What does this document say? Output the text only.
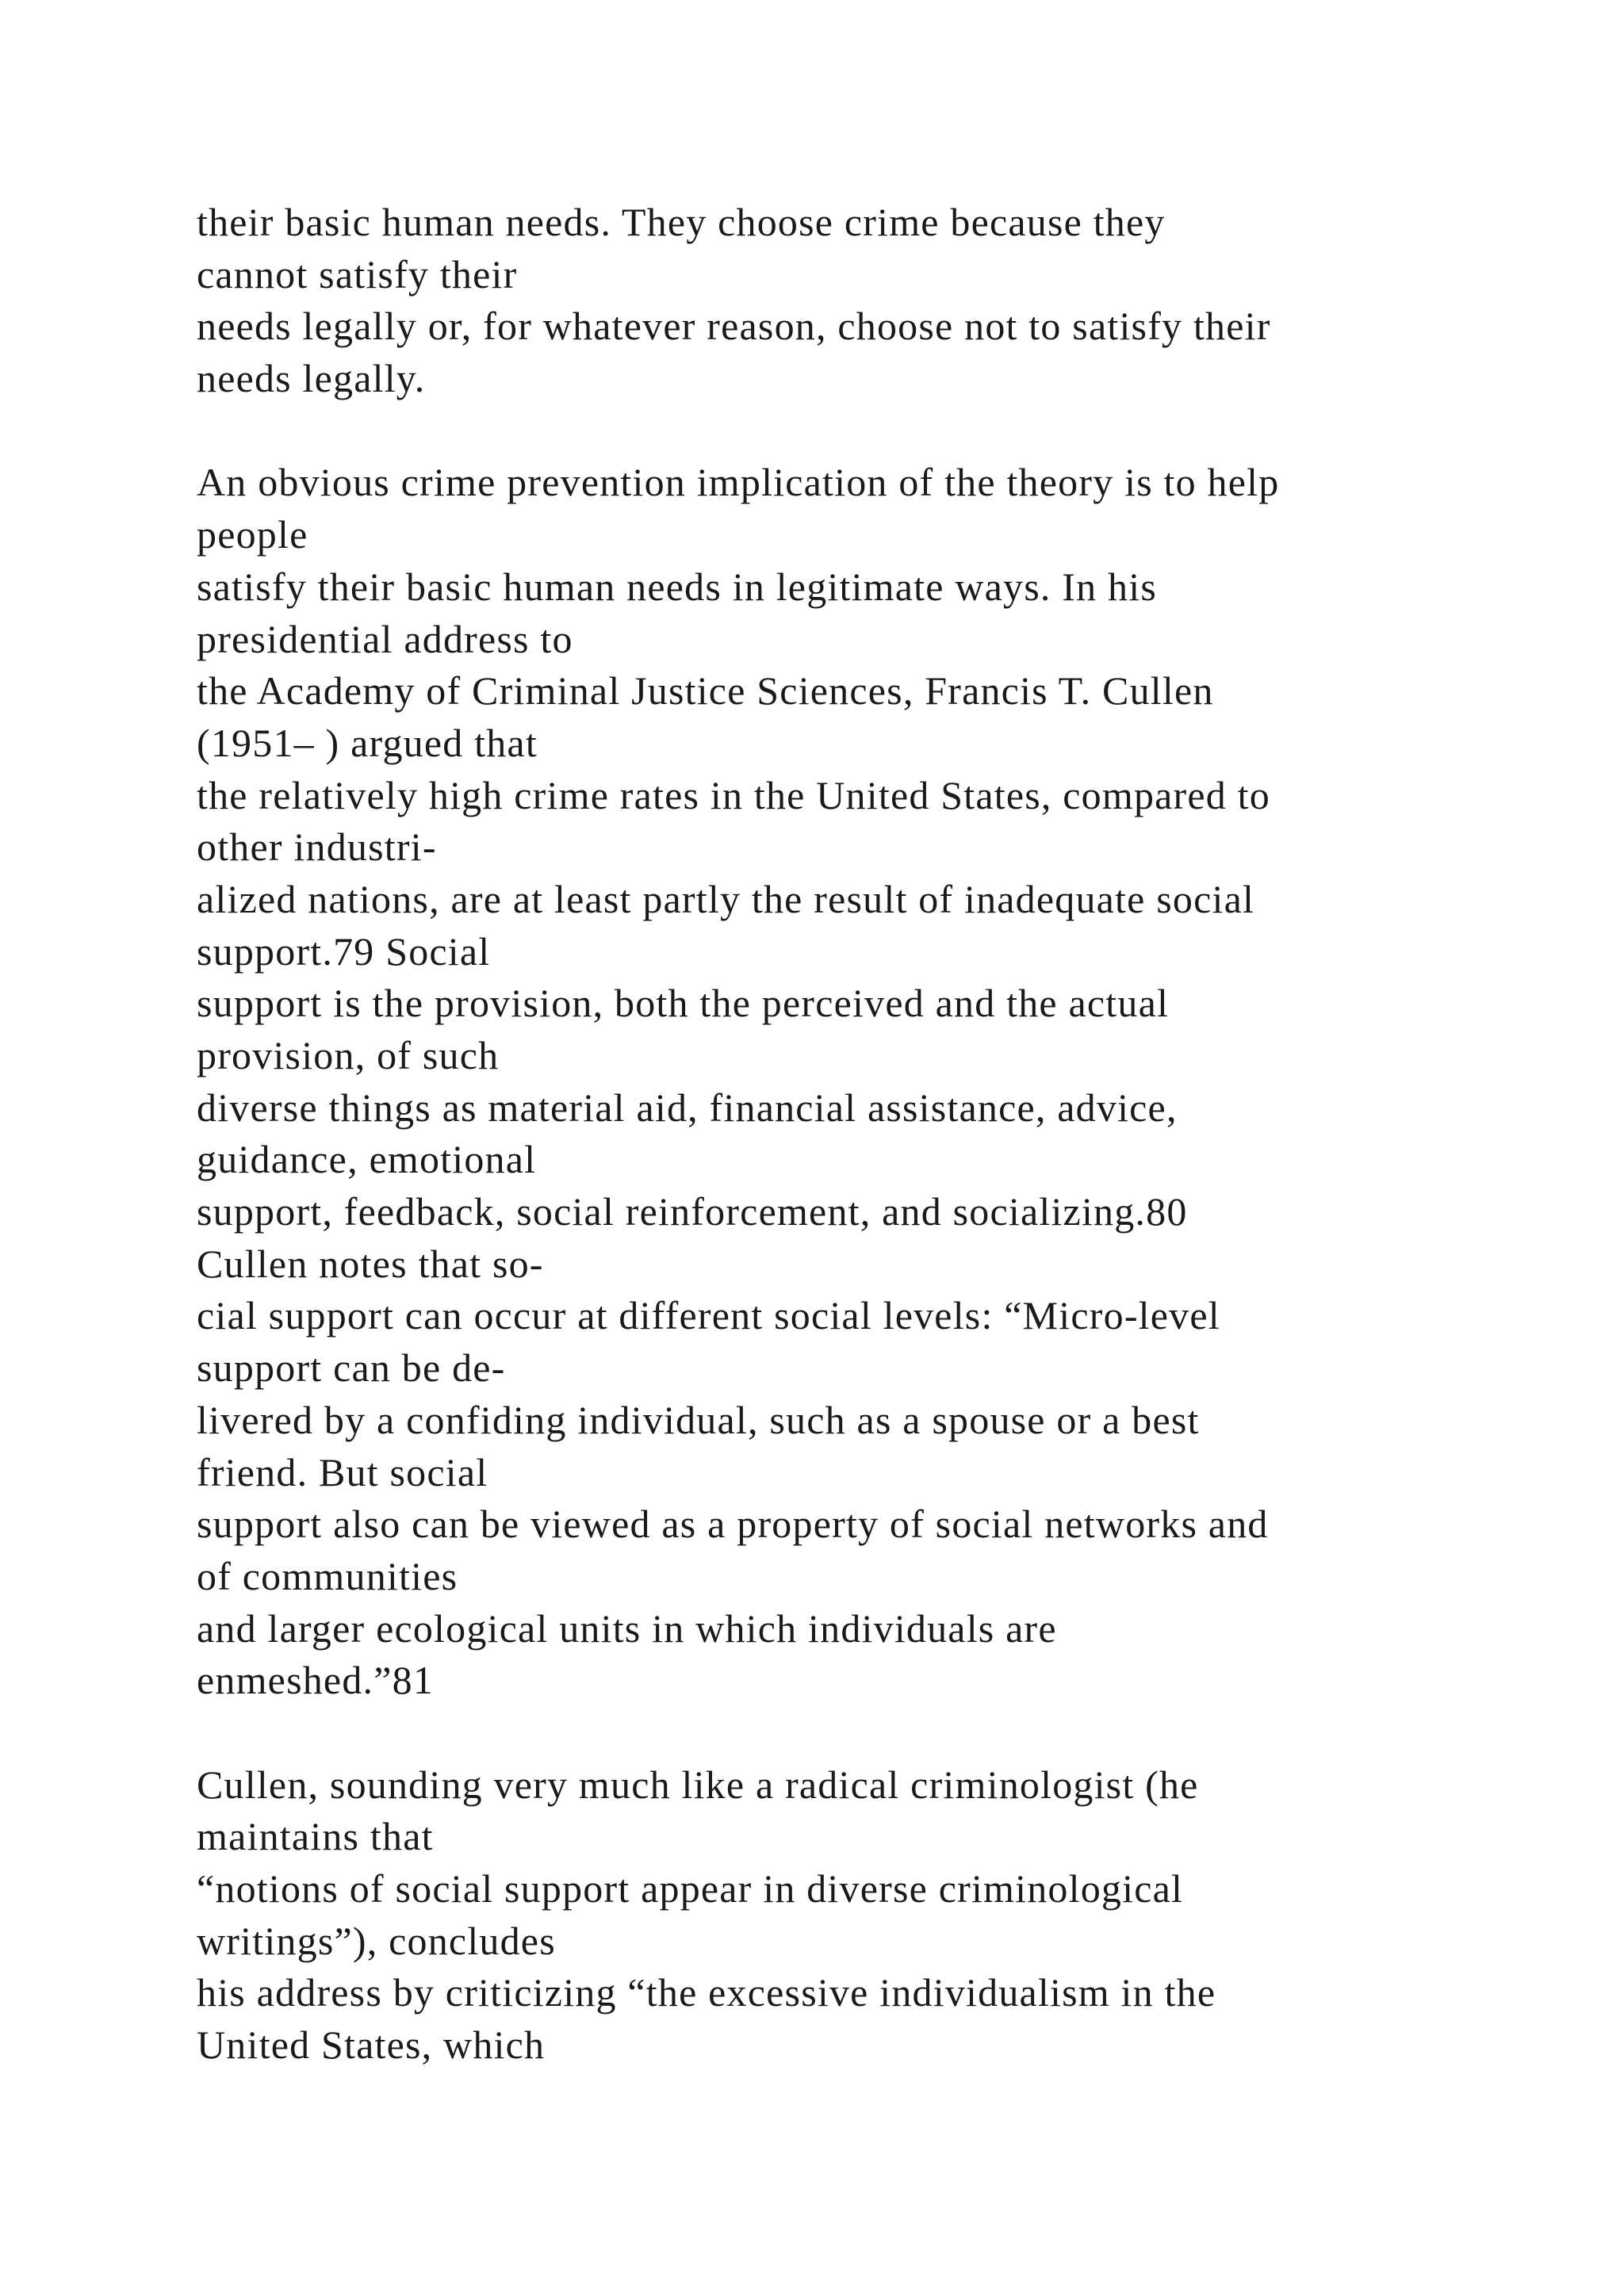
their basic human needs. They choose crime because they
cannot satisfy their
needs legally or, for whatever reason, choose not to satisfy their
needs legally.
An obvious crime prevention implication of the theory is to help
people
satisfy their basic human needs in legitimate ways. In his
presidential address to
the Academy of Criminal Justice Sciences, Francis T. Cullen
(1951– ) argued that
the relatively high crime rates in the United States, compared to
other industri-
alized nations, are at least partly the result of inadequate social
support.79 Social
support is the provision, both the perceived and the actual
provision, of such
diverse things as material aid, financial assistance, advice,
guidance, emotional
support, feedback, social reinforcement, and socializing.80
Cullen notes that so-
cial support can occur at different social levels: “Micro-level
support can be de-
livered by a confiding individual, such as a spouse or a best
friend. But social
support also can be viewed as a property of social networks and
of communities
and larger ecological units in which individuals are
enmeshed.”81
Cullen, sounding very much like a radical criminologist (he
maintains that
“notions of social support appear in diverse criminological
writings”), concludes
his address by criticizing “the excessive individualism in the
United States, which
